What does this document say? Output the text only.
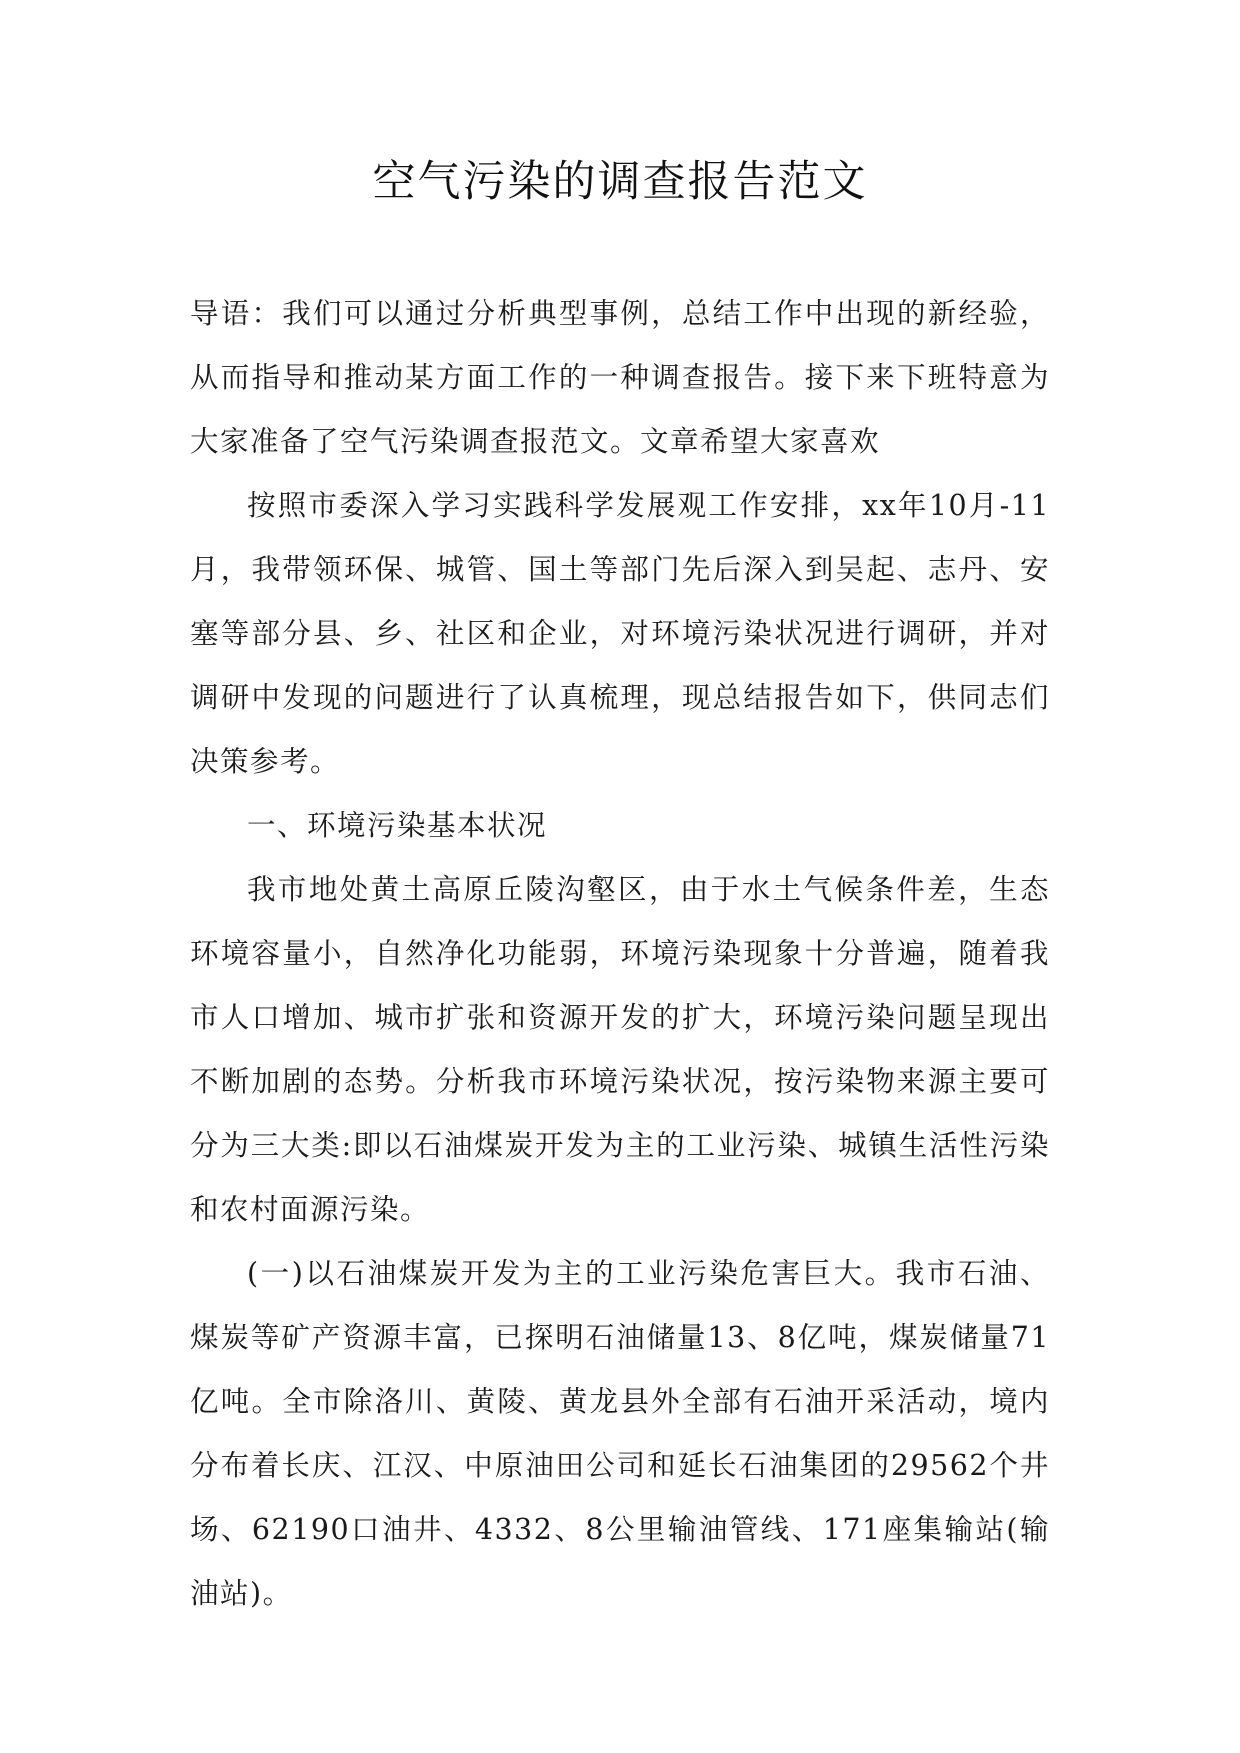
空气污染的调查报告范文

导语：我们可以通过分析典型事例，总结工作中出现的新经验，从而指导和推动某方面工作的一种调查报告。接下来下班特意为大家准备了空气污染调查报范文。文章希望大家喜欢

按照市委深入学习实践科学发展观工作安排，xx年10月-11月，我带领环保、城管、国土等部门先后深入到吴起、志丹、安塞等部分县、乡、社区和企业，对环境污染状况进行调研，并对调研中发现的问题进行了认真梳理，现总结报告如下，供同志们决策参考。

一、环境污染基本状况

我市地处黄土高原丘陵沟壑区，由于水土气候条件差，生态环境容量小，自然净化功能弱，环境污染现象十分普遍，随着我市人口增加、城市扩张和资源开发的扩大，环境污染问题呈现出不断加剧的态势。分析我市环境污染状况，按污染物来源主要可分为三大类:即以石油煤炭开发为主的工业污染、城镇生活性污染和农村面源污染。

(一)以石油煤炭开发为主的工业污染危害巨大。我市石油、煤炭等矿产资源丰富，已探明石油储量13、8亿吨，煤炭储量71亿吨。全市除洛川、黄陵、黄龙县外全部有石油开采活动，境内分布着长庆、江汉、中原油田公司和延长石油集团的29562个井场、62190口油井、4332、8公里输油管线、171座集输站(输油站)。
